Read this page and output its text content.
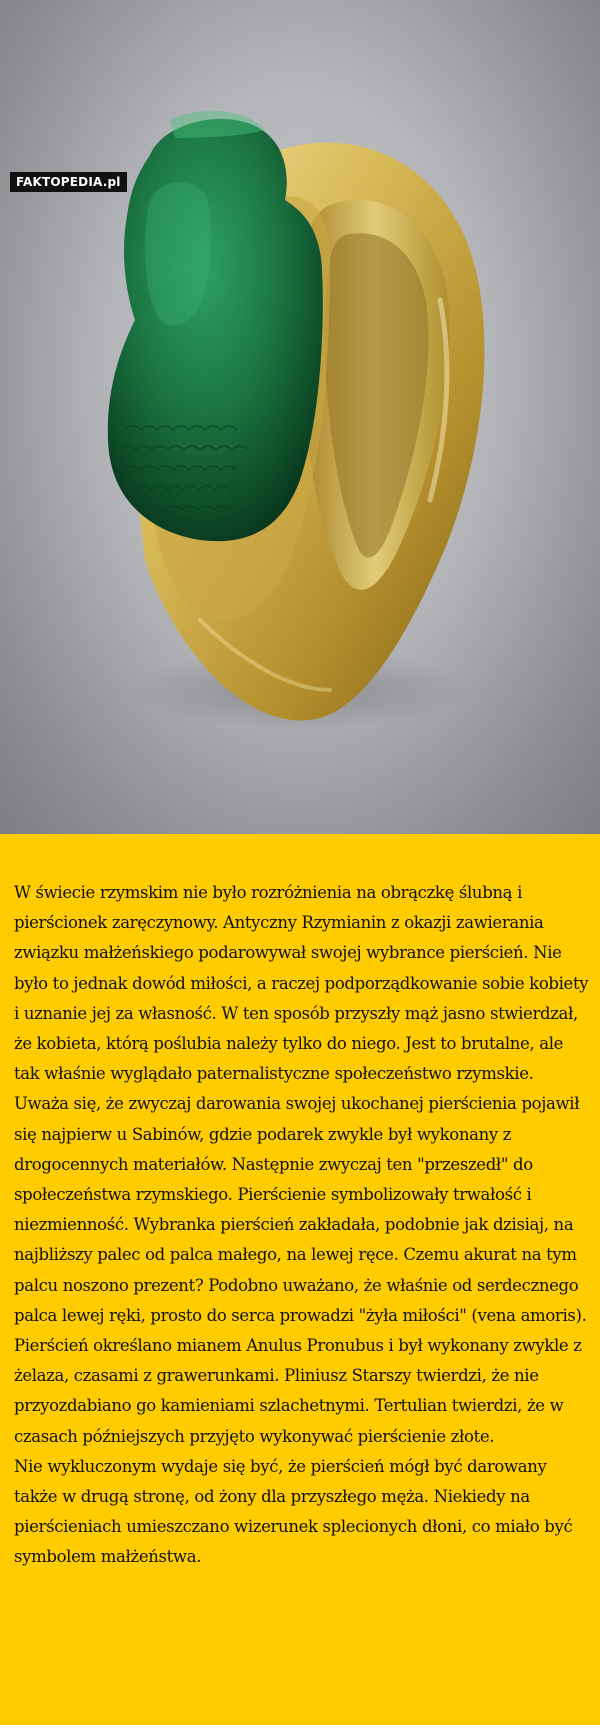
FAKTOPEDIA.pl

W świecie rzymskim nie było rozróżnienia na obrączkę ślubną i pierścionek zaręczynowy. Antyczny Rzymianin z okazji zawierania związku małżeńskiego podarowywał swojej wybrance pierścień. Nie było to jednak dowód miłości, a raczej podporządkowanie sobie kobiety i uznanie jej za własność. W ten sposób przyszły mąż jasno stwierdzał, że kobieta, którą poślubia należy tylko do niego. Jest to brutalne, ale tak właśnie wyglądało paternalistyczne społeczeństwo rzymskie.

Uważa się, że zwyczaj darowania swojej ukochanej pierścienia pojawił się najpierw u Sabinów, gdzie podarek zwykle był wykonany z drogocennych materiałów. Następnie zwyczaj ten "przeszedł" do społeczeństwa rzymskiego. Pierścienie symbolizowały trwałość i niezmienność. Wybranka pierścień zakładała, podobnie jak dzisiaj, na najbliższy palec od palca małego, na lewej ręce. Czemu akurat na tym palcu noszono prezent? Podobno uważano, że właśnie od serdecznego palca lewej ręki, prosto do serca prowadzi "żyła miłości" (vena amoris).

Pierścień określano mianem Anulus Pronubus i był wykonany zwykle z żelaza, czasami z grawerunkami. Pliniusz Starszy twierdzi, że nie przyozdabiano go kamieniami szlachetnymi. Tertulian twierdzi, że w czasach późniejszych przyjęto wykonywać pierścienie złote.

Nie wykluczonym wydaje się być, że pierścień mógł być darowany także w drugą stronę, od żony dla przyszłego męża. Niekiedy na pierścieniach umieszczano wizerunek splecionych dłoni, co miało być symbolem małżeństwa.
